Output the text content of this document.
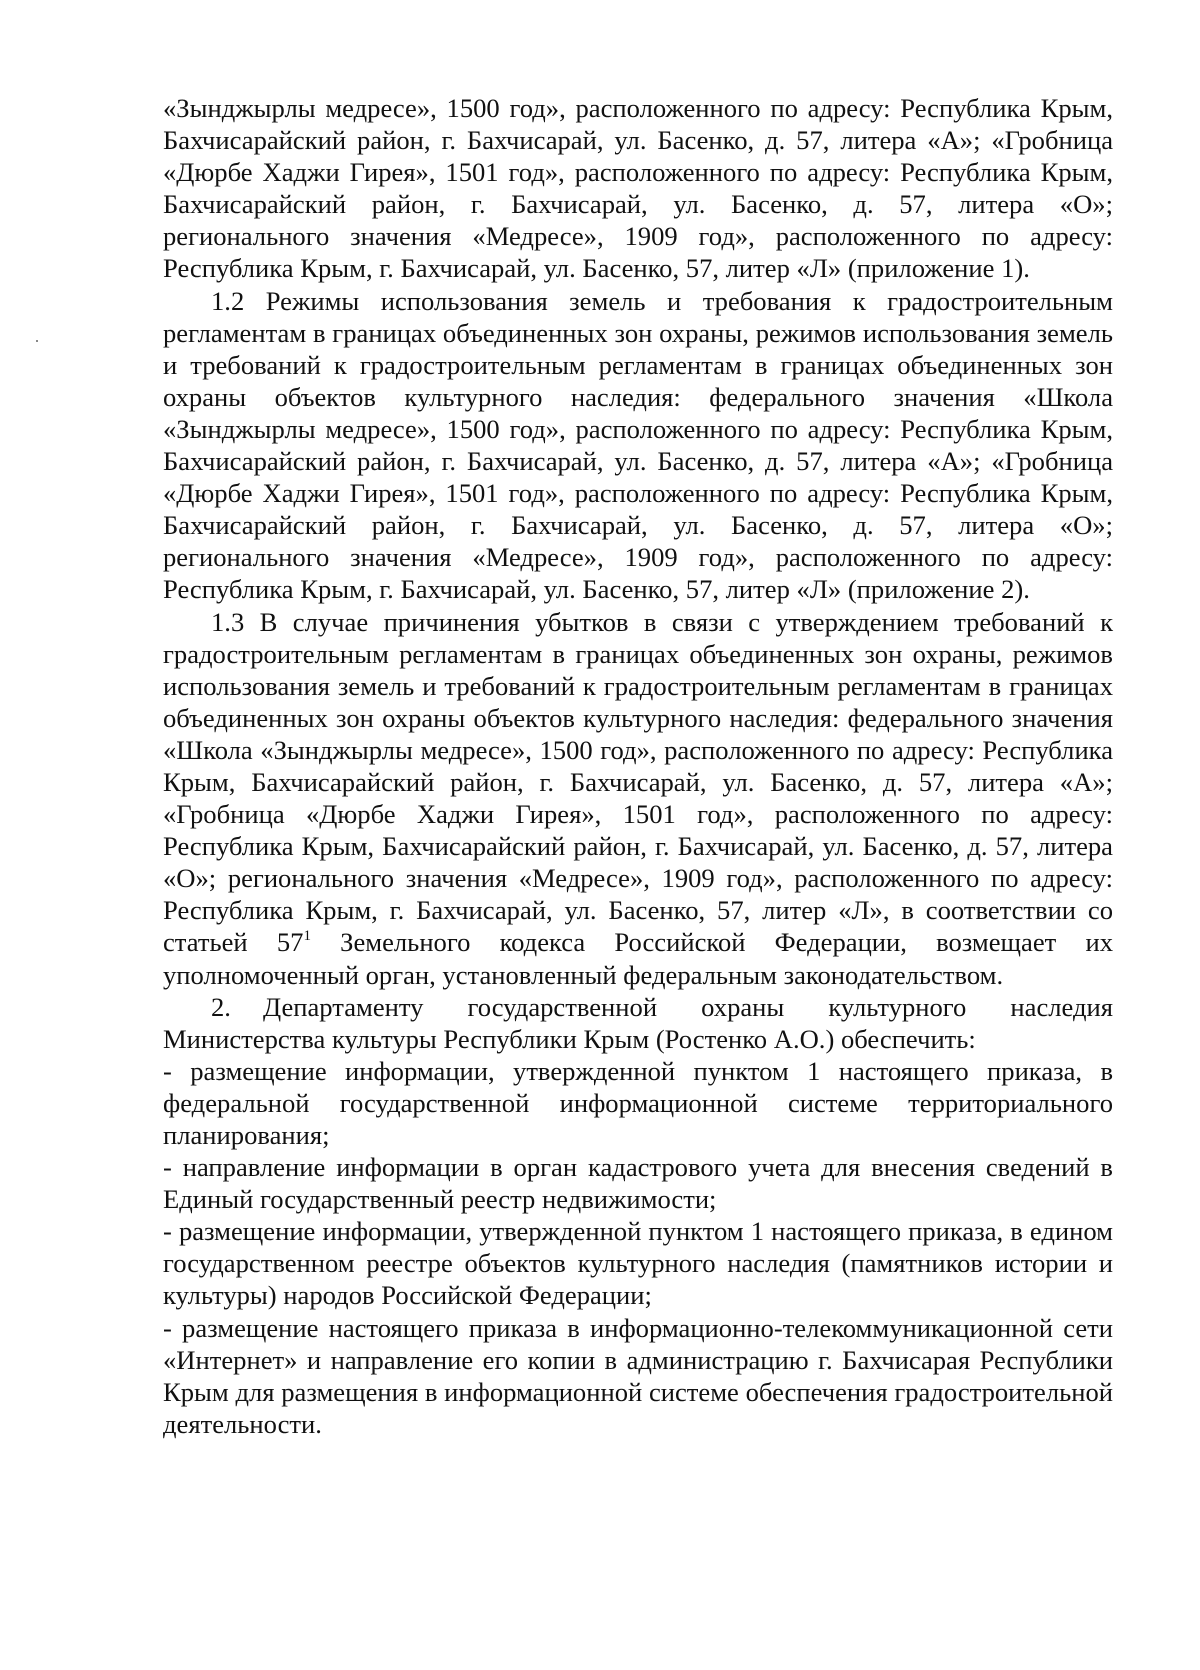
«Зынджырлы медресе», 1500 год», расположенного по адресу: Республика Крым, Бахчисарайский район, г. Бахчисарай, ул. Басенко, д. 57, литера «А»; «Гробница «Дюрбе Хаджи Гирея», 1501 год», расположенного по адресу: Республика Крым, Бахчисарайский район, г. Бахчисарай, ул. Басенко, д. 57, литера «О»; регионального значения «Медресе», 1909 год», расположенного по адресу: Республика Крым, г. Бахчисарай, ул. Басенко, 57, литер «Л» (приложение 1).

1.2 Режимы использования земель и требования к градостроительным регламентам в границах объединенных зон охраны, режимов использования земель и требований к градостроительным регламентам в границах объединенных зон охраны объектов культурного наследия: федерального значения «Школа «Зынджырлы медресе», 1500 год», расположенного по адресу: Республика Крым, Бахчисарайский район, г. Бахчисарай, ул. Басенко, д. 57, литера «А»; «Гробница «Дюрбе Хаджи Гирея», 1501 год», расположенного по адресу: Республика Крым, Бахчисарайский район, г. Бахчисарай, ул. Басенко, д. 57, литера «О»; регионального значения «Медресе», 1909 год», расположенного по адресу: Республика Крым, г. Бахчисарай, ул. Басенко, 57, литер «Л» (приложение 2).

1.3 В случае причинения убытков в связи с утверждением требований к градостроительным регламентам в границах объединенных зон охраны, режимов использования земель и требований к градостроительным регламентам в границах объединенных зон охраны объектов культурного наследия: федерального значения «Школа «Зынджырлы медресе», 1500 год», расположенного по адресу: Республика Крым, Бахчисарайский район, г. Бахчисарай, ул. Басенко, д. 57, литера «А»; «Гробница «Дюрбе Хаджи Гирея», 1501 год», расположенного по адресу: Республика Крым, Бахчисарайский район, г. Бахчисарай, ул. Басенко, д. 57, литера «О»; регионального значения «Медресе», 1909 год», расположенного по адресу: Республика Крым, г. Бахчисарай, ул. Басенко, 57, литер «Л», в соответствии со статьей $57^1$ Земельного кодекса Российской Федерации, возмещает их уполномоченный орган, установленный федеральным законодательством.

2. Департаменту государственной охраны культурного наследия Министерства культуры Республики Крым (Ростенко А.О.) обеспечить:

- размещение информации, утвержденной пунктом 1 настоящего приказа, в федеральной государственной информационной системе территориального планирования;

- направление информации в орган кадастрового учета для внесения сведений в Единый государственный реестр недвижимости;

- размещение информации, утвержденной пунктом 1 настоящего приказа, в едином государственном реестре объектов культурного наследия (памятников истории и культуры) народов Российской Федерации;

- размещение настоящего приказа в информационно-телекоммуникационной сети «Интернет» и направление его копии в администрацию г. Бахчисарая Республики Крым для размещения в информационной системе обеспечения градостроительной деятельности.
